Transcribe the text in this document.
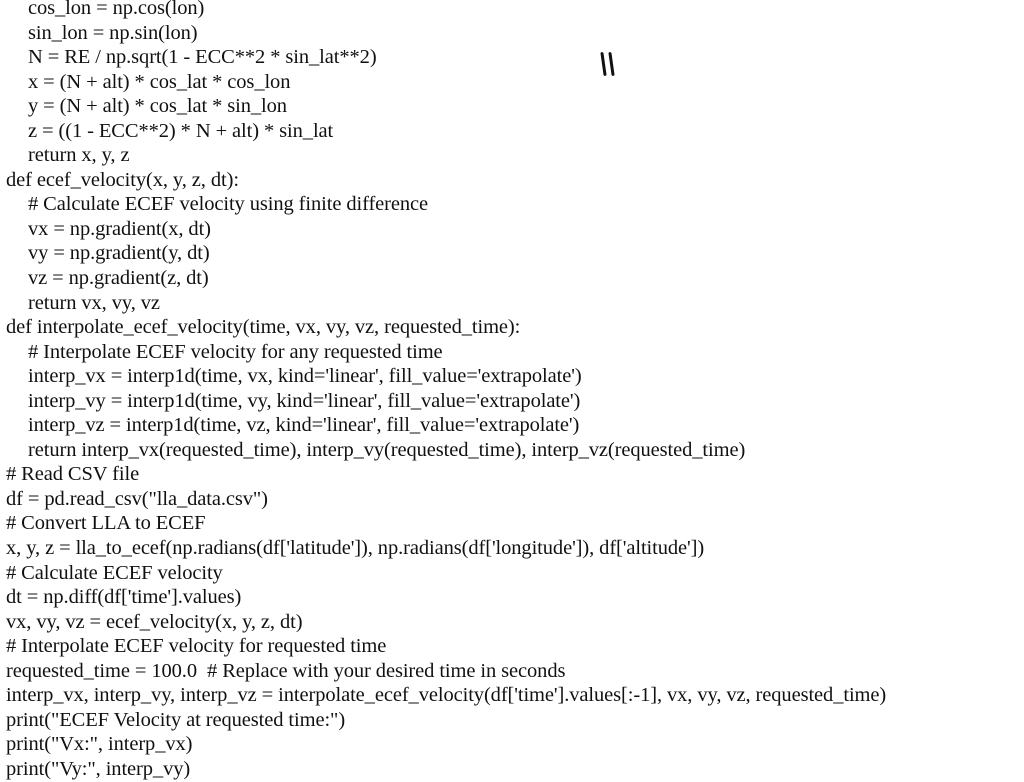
cos_lon = np.cos(lon)
sin_lon = np.sin(lon)
N = RE / np.sqrt(1 - ECC**2 * sin_lat**2)
x = (N + alt) * cos_lat * cos_lon
y = (N + alt) * cos_lat * sin_lon
z = ((1 - ECC**2) * N + alt) * sin_lat
return x, y, z
def ecef_velocity(x, y, z, dt):
# Calculate ECEF velocity using finite difference
vx = np.gradient(x, dt)
vy = np.gradient(y, dt)
vz = np.gradient(z, dt)
return vx, vy, vz
def interpolate_ecef_velocity(time, vx, vy, vz, requested_time):
# Interpolate ECEF velocity for any requested time
interp_vx = interp1d(time, vx, kind='linear', fill_value='extrapolate')
interp_vy = interp1d(time, vy, kind='linear', fill_value='extrapolate')
interp_vz = interp1d(time, vz, kind='linear', fill_value='extrapolate')
return interp_vx(requested_time), interp_vy(requested_time), interp_vz(requested_time)
# Read CSV file
df = pd.read_csv("lla_data.csv")
# Convert LLA to ECEF
x, y, z = lla_to_ecef(np.radians(df['latitude']), np.radians(df['longitude']), df['altitude'])
# Calculate ECEF velocity
dt = np.diff(df['time'].values)
vx, vy, vz = ecef_velocity(x, y, z, dt)
# Interpolate ECEF velocity for requested time
requested_time = 100.0  # Replace with your desired time in seconds
interp_vx, interp_vy, interp_vz = interpolate_ecef_velocity(df['time'].values[:-1], vx, vy, vz, requested_time)
print("ECEF Velocity at requested time:")
print("Vx:", interp_vx)
print("Vy:", interp_vy)
